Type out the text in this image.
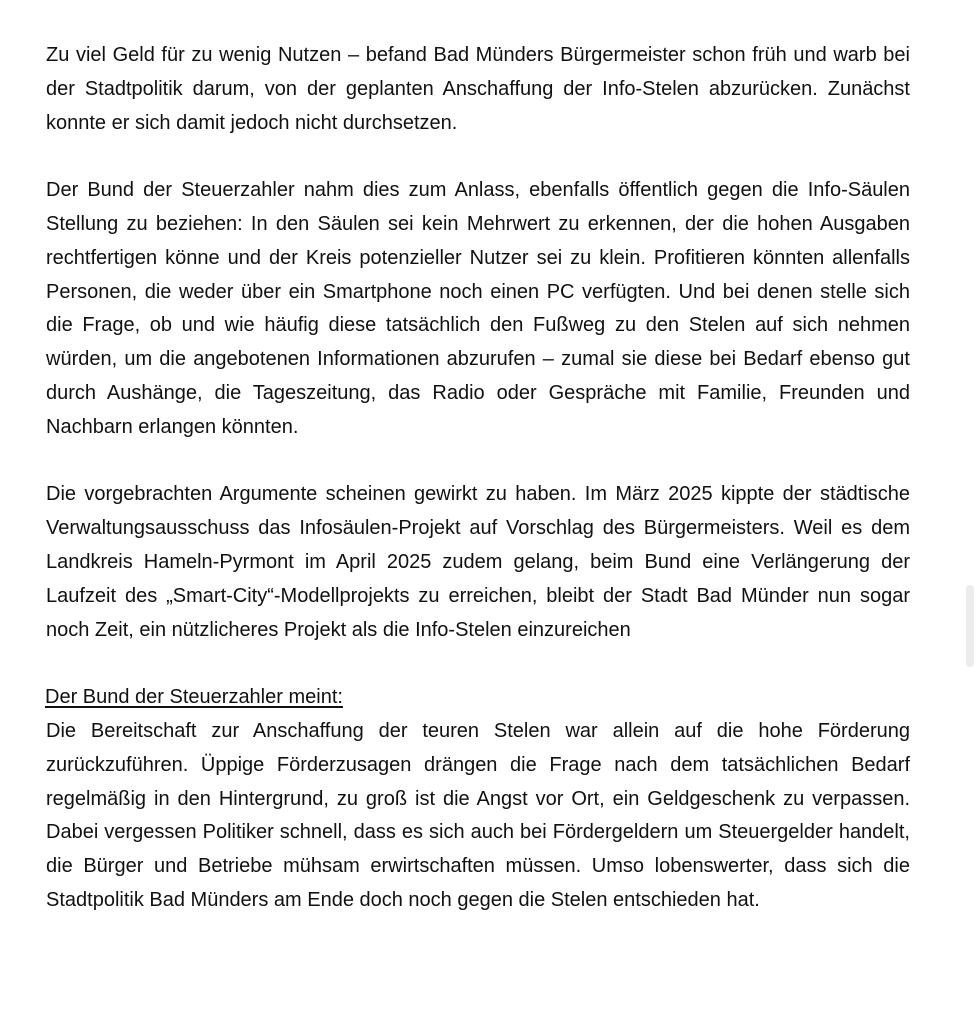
Zu viel Geld für zu wenig Nutzen – befand Bad Münders Bürgermeister schon früh und warb bei der Stadtpolitik darum, von der geplanten Anschaffung der Info-Stelen abzurücken. Zunächst konnte er sich damit jedoch nicht durchsetzen.

Der Bund der Steuerzahler nahm dies zum Anlass, ebenfalls öffentlich gegen die Info-Säulen Stellung zu beziehen: In den Säulen sei kein Mehrwert zu erkennen, der die hohen Ausgaben rechtfertigen könne und der Kreis potenzieller Nutzer sei zu klein. Profitieren könnten allenfalls Personen, die weder über ein Smartphone noch einen PC verfügten. Und bei denen stelle sich die Frage, ob und wie häufig diese tatsächlich den Fußweg zu den Stelen auf sich nehmen würden, um die angebotenen Informationen abzurufen – zumal sie diese bei Bedarf ebenso gut durch Aushänge, die Tageszeitung, das Radio oder Gespräche mit Familie, Freunden und Nachbarn erlangen könnten.

Die vorgebrachten Argumente scheinen gewirkt zu haben. Im März 2025 kippte der städtische Verwaltungsausschuss das Infosäulen-Projekt auf Vorschlag des Bürgermeisters. Weil es dem Landkreis Hameln-Pyrmont im April 2025 zudem gelang, beim Bund eine Verlängerung der Laufzeit des „Smart-City“-Modellprojekts zu erreichen, bleibt der Stadt Bad Münder nun sogar noch Zeit, ein nützlicheres Projekt als die Info-Stelen einzureichen

Der Bund der Steuerzahler meint:

Die Bereitschaft zur Anschaffung der teuren Stelen war allein auf die hohe Förderung zurückzuführen. Üppige Förderzusagen drängen die Frage nach dem tatsächlichen Bedarf regelmäßig in den Hintergrund, zu groß ist die Angst vor Ort, ein Geldgeschenk zu verpassen. Dabei vergessen Politiker schnell, dass es sich auch bei Fördergeldern um Steuergelder handelt, die Bürger und Betriebe mühsam erwirtschaften müssen. Umso lobenswerter, dass sich die Stadtpolitik Bad Münders am Ende doch noch gegen die Stelen entschieden hat.
